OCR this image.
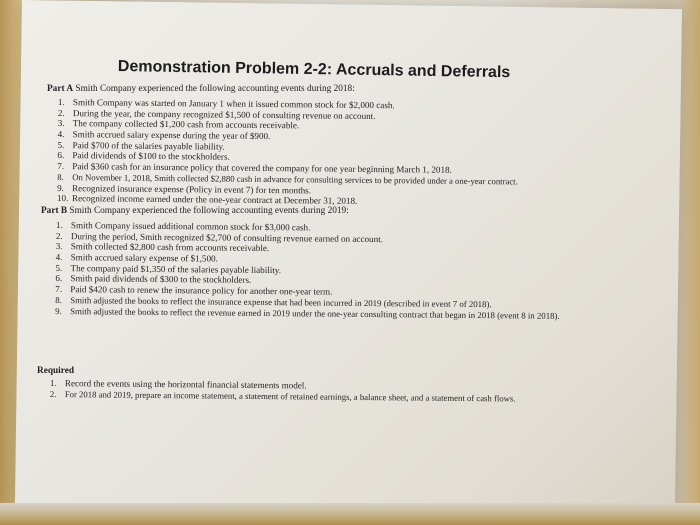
Demonstration Problem 2-2: Accruals and Deferrals
Part A Smith Company experienced the following accounting events during 2018:
1. Smith Company was started on January 1 when it issued common stock for $2,000 cash.
2. During the year, the company recognized $1,500 of consulting revenue on account.
3. The company collected $1,200 cash from accounts receivable.
4. Smith accrued salary expense during the year of $900.
5. Paid $700 of the salaries payable liability.
6. Paid dividends of $100 to the stockholders.
7. Paid $360 cash for an insurance policy that covered the company for one year beginning March 1, 2018.
8. On November 1, 2018, Smith collected $2,880 cash in advance for consulting services to be provided under a one-year contract.
9. Recognized insurance expense (Policy in event 7) for ten months.
10. Recognized income earned under the one-year contract at December 31, 2018.
Part B Smith Company experienced the following accounting events during 2019:
1. Smith Company issued additional common stock for $3,000 cash.
2. During the period, Smith recognized $2,700 of consulting revenue earned on account.
3. Smith collected $2,800 cash from accounts receivable.
4. Smith accrued salary expense of $1,500.
5. The company paid $1,350 of the salaries payable liability.
6. Smith paid dividends of $300 to the stockholders.
7. Paid $420 cash to renew the insurance policy for another one-year term.
8. Smith adjusted the books to reflect the insurance expense that had been incurred in 2019 (described in event 7 of 2018).
9. Smith adjusted the books to reflect the revenue earned in 2019 under the one-year consulting contract that began in 2018 (event 8 in 2018).
Required
1. Record the events using the horizontal financial statements model.
2. For 2018 and 2019, prepare an income statement, a statement of retained earnings, a balance sheet, and a statement of cash flows.
